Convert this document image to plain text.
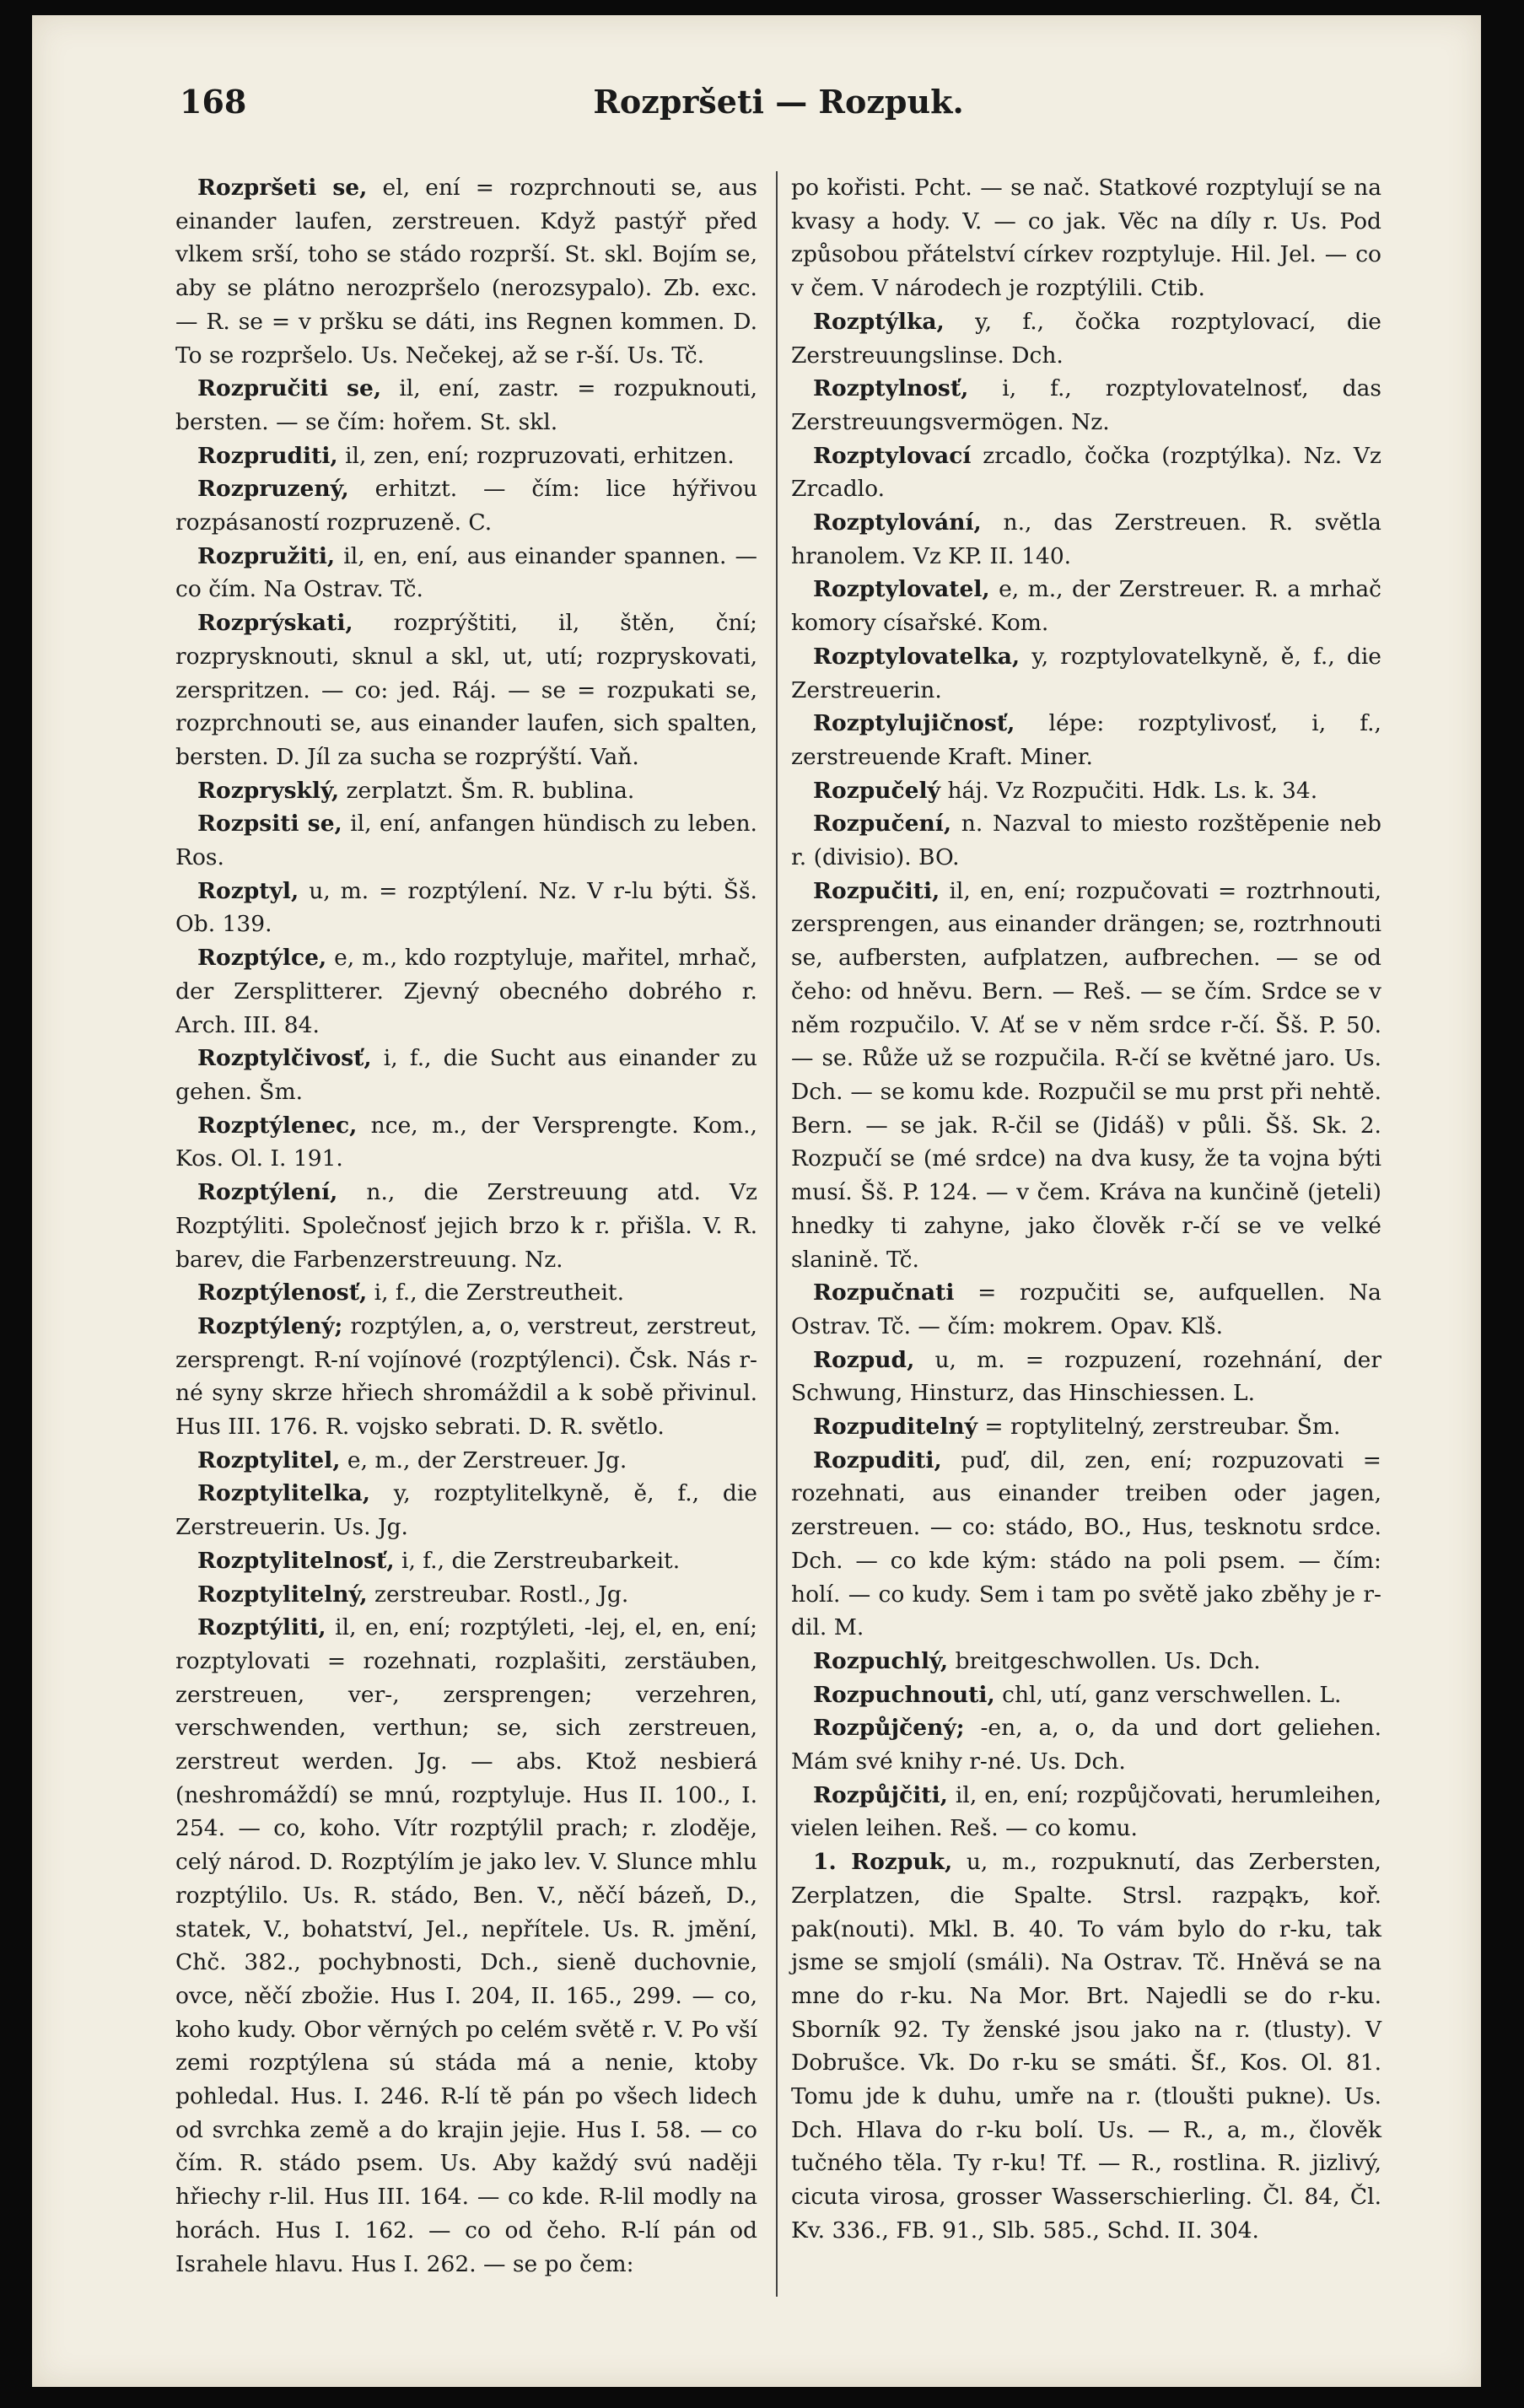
168	Rozpršeti — Rozpuk.

Rozpršeti se, el, ení = rozprchnouti se, aus einander laufen, zerstreuen. Když pastýř před vlkem srší, toho se stádo rozprší. St. skl. Bojím se, aby se plátno nerozpršelo (nerozsypalo). Zb. exc. — R. se = v pršku se dáti, ins Regnen kommen. D. To se rozpršelo. Us. Nečekej, až se r-ší. Us. Tč.

Rozpručiti se, il, ení, zastr. = rozpuknouti, bersten. — se čím: hořem. St. skl.

Rozpruditi, il, zen, ení; rozpruzovati, erhitzen.

Rozpruzený, erhitzt. — čím: lice hýřivou rozpásaností rozpruzeně. C.

Rozpružiti, il, en, ení, aus einander spannen. — co čím. Na Ostrav. Tč.

Rozprýskati, rozprýštiti, il, štěn, ční; rozprysknouti, sknul a skl, ut, utí; rozpryskovati, zerspritzen. — co: jed. Ráj. — se = rozpukati se, rozprchnouti se, aus einander laufen, sich spalten, bersten. D. Jíl za sucha se rozprýští. Vaň.

Rozprysklý, zerplatzt. Šm. R. bublina.

Rozpsiti se, il, ení, anfangen hündisch zu leben. Ros.

Rozptyl, u, m. = rozptýlení. Nz. V r-lu býti. Šš. Ob. 139.

Rozptýlce, e, m., kdo rozptyluje, mařitel, mrhač, der Zersplitterer. Zjevný obecného dobrého r. Arch. III. 84.

Rozptylčivosť, i, f., die Sucht aus einander zu gehen. Šm.

Rozptýlenec, nce, m., der Versprengte. Kom., Kos. Ol. I. 191.

Rozptýlení, n., die Zerstreuung atd. Vz Rozptýliti. Společnosť jejich brzo k r. přišla. V. R. barev, die Farbenzerstreuung. Nz.

Rozptýlenosť, i, f., die Zerstreutheit.

Rozptýlený; rozptýlen, a, o, verstreut, zerstreut, zersprengt. R-ní vojínové (rozptýlenci). Čsk. Nás r-né syny skrze hřiech shromáždil a k sobě přivinul. Hus III. 176. R. vojsko sebrati. D. R. světlo.

Rozptylitel, e, m., der Zerstreuer. Jg.

Rozptylitelka, y, rozptylitelkyně, ě, f., die Zerstreuerin. Us. Jg.

Rozptylitelnosť, i, f., die Zerstreubarkeit.

Rozptylitelný, zerstreubar. Rostl., Jg.

Rozptýliti, il, en, ení; rozptýleti, -lej, el, en, ení; rozptylovati = rozehnati, rozplašiti, zerstäuben, zerstreuen, ver-, zersprengen; verzehren, verschwenden, verthun; se, sich zerstreuen, zerstreut werden. Jg. — abs. Ktož nesbierá (neshromáždí) se mnú, rozptyluje. Hus II. 100., I. 254. — co, koho. Vítr rozptýlil prach; r. zloděje, celý národ. D. Rozptýlím je jako lev. V. Slunce mhlu rozptýlilo. Us. R. stádo, Ben. V., něčí bázeň, D., statek, V., bohatství, Jel., nepřítele. Us. R. jmění, Chč. 382., pochybnosti, Dch., sieně duchovnie, ovce, něčí zbožie. Hus I. 204, II. 165., 299. — co, koho kudy. Obor věrných po celém světě r. V. Po vší zemi rozptýlena sú stáda má a nenie, ktoby pohledal. Hus. I. 246. R-lí tě pán po všech lidech od svrchka země a do krajin jejie. Hus I. 58. — co čím. R. stádo psem. Us. Aby každý svú naději hřiechy r-lil. Hus III. 164. — co kde. R-lil modly na horách. Hus I. 162. — co od čeho. R-lí pán od Israhele hlavu. Hus I. 262. — se po čem:

po kořisti. Pcht. — se nač. Statkové rozptylují se na kvasy a hody. V. — co jak. Věc na díly r. Us. Pod způsobou přátelství církev rozptyluje. Hil. Jel. — co v čem. V národech je rozptýlili. Ctib.

Rozptýlka, y, f., čočka rozptylovací, die Zerstreuungslinse. Dch.

Rozptylnosť, i, f., rozptylovatelnosť, das Zerstreuungsvermögen. Nz.

Rozptylovací zrcadlo, čočka (rozptýlka). Nz. Vz Zrcadlo.

Rozptylování, n., das Zerstreuen. R. světla hranolem. Vz KP. II. 140.

Rozptylovatel, e, m., der Zerstreuer. R. a mrhač komory císařské. Kom.

Rozptylovatelka, y, rozptylovatelkyně, ě, f., die Zerstreuerin.

Rozptylujičnosť, lépe: rozptylivosť, i, f., zerstreuende Kraft. Miner.

Rozpučelý háj. Vz Rozpučiti. Hdk. Ls. k. 34.

Rozpučení, n. Nazval to miesto rozštěpenie neb r. (divisio). BO.

Rozpučiti, il, en, ení; rozpučovati = roztrhnouti, zersprengen, aus einander drängen; se, roztrhnouti se, aufbersten, aufplatzen, aufbrechen. — se od čeho: od hněvu. Bern. — Reš. — se čím. Srdce se v něm rozpučilo. V. Ať se v něm srdce r-čí. Šš. P. 50. — se. Růže už se rozpučila. R-čí se květné jaro. Us. Dch. — se komu kde. Rozpučil se mu prst při nehtě. Bern. — se jak. R-čil se (Jidáš) v půli. Šš. Sk. 2. Rozpučí se (mé srdce) na dva kusy, že ta vojna býti musí. Šš. P. 124. — v čem. Kráva na kunčině (jeteli) hnedky ti zahyne, jako člověk r-čí se ve velké slanině. Tč.

Rozpučnati = rozpučiti se, aufquellen. Na Ostrav. Tč. — čím: mokrem. Opav. Klš.

Rozpud, u, m. = rozpuzení, rozehnání, der Schwung, Hinsturz, das Hinschiessen. L.

Rozpuditelný = roptylitelný, zerstreubar. Šm.

Rozpuditi, puď, dil, zen, ení; rozpuzovati = rozehnati, aus einander treiben oder jagen, zerstreuen. — co: stádo, BO., Hus, tesknotu srdce. Dch. — co kde kým: stádo na poli psem. — čím: holí. — co kudy. Sem i tam po světě jako zběhy je r-dil. M.

Rozpuchlý, breitgeschwollen. Us. Dch.

Rozpuchnouti, chl, utí, ganz verschwellen. L.

Rozpůjčený; -en, a, o, da und dort geliehen. Mám své knihy r-né. Us. Dch.

Rozpůjčiti, il, en, ení; rozpůjčovati, herumleihen, vielen leihen. Reš. — co komu.

1. Rozpuk, u, m., rozpuknutí, das Zerbersten, Zerplatzen, die Spalte. Strsl. razpąkъ, koř. pak(nouti). Mkl. B. 40. To vám bylo do r-ku, tak jsme se smjolí (smáli). Na Ostrav. Tč. Hněvá se na mne do r-ku. Na Mor. Brt. Najedli se do r-ku. Sborník 92. Ty ženské jsou jako na r. (tlusty). V Dobrušce. Vk. Do r-ku se smáti. Šf., Kos. Ol. 81. Tomu jde k duhu, umře na r. (tloušti pukne). Us. Dch. Hlava do r-ku bolí. Us. — R., a, m., člověk tučného těla. Ty r-ku! Tf. — R., rostlina. R. jizlivý, cicuta virosa, grosser Wasserschierling. Čl. 84, Čl. Kv. 336., FB. 91., Slb. 585., Schd. II. 304.
